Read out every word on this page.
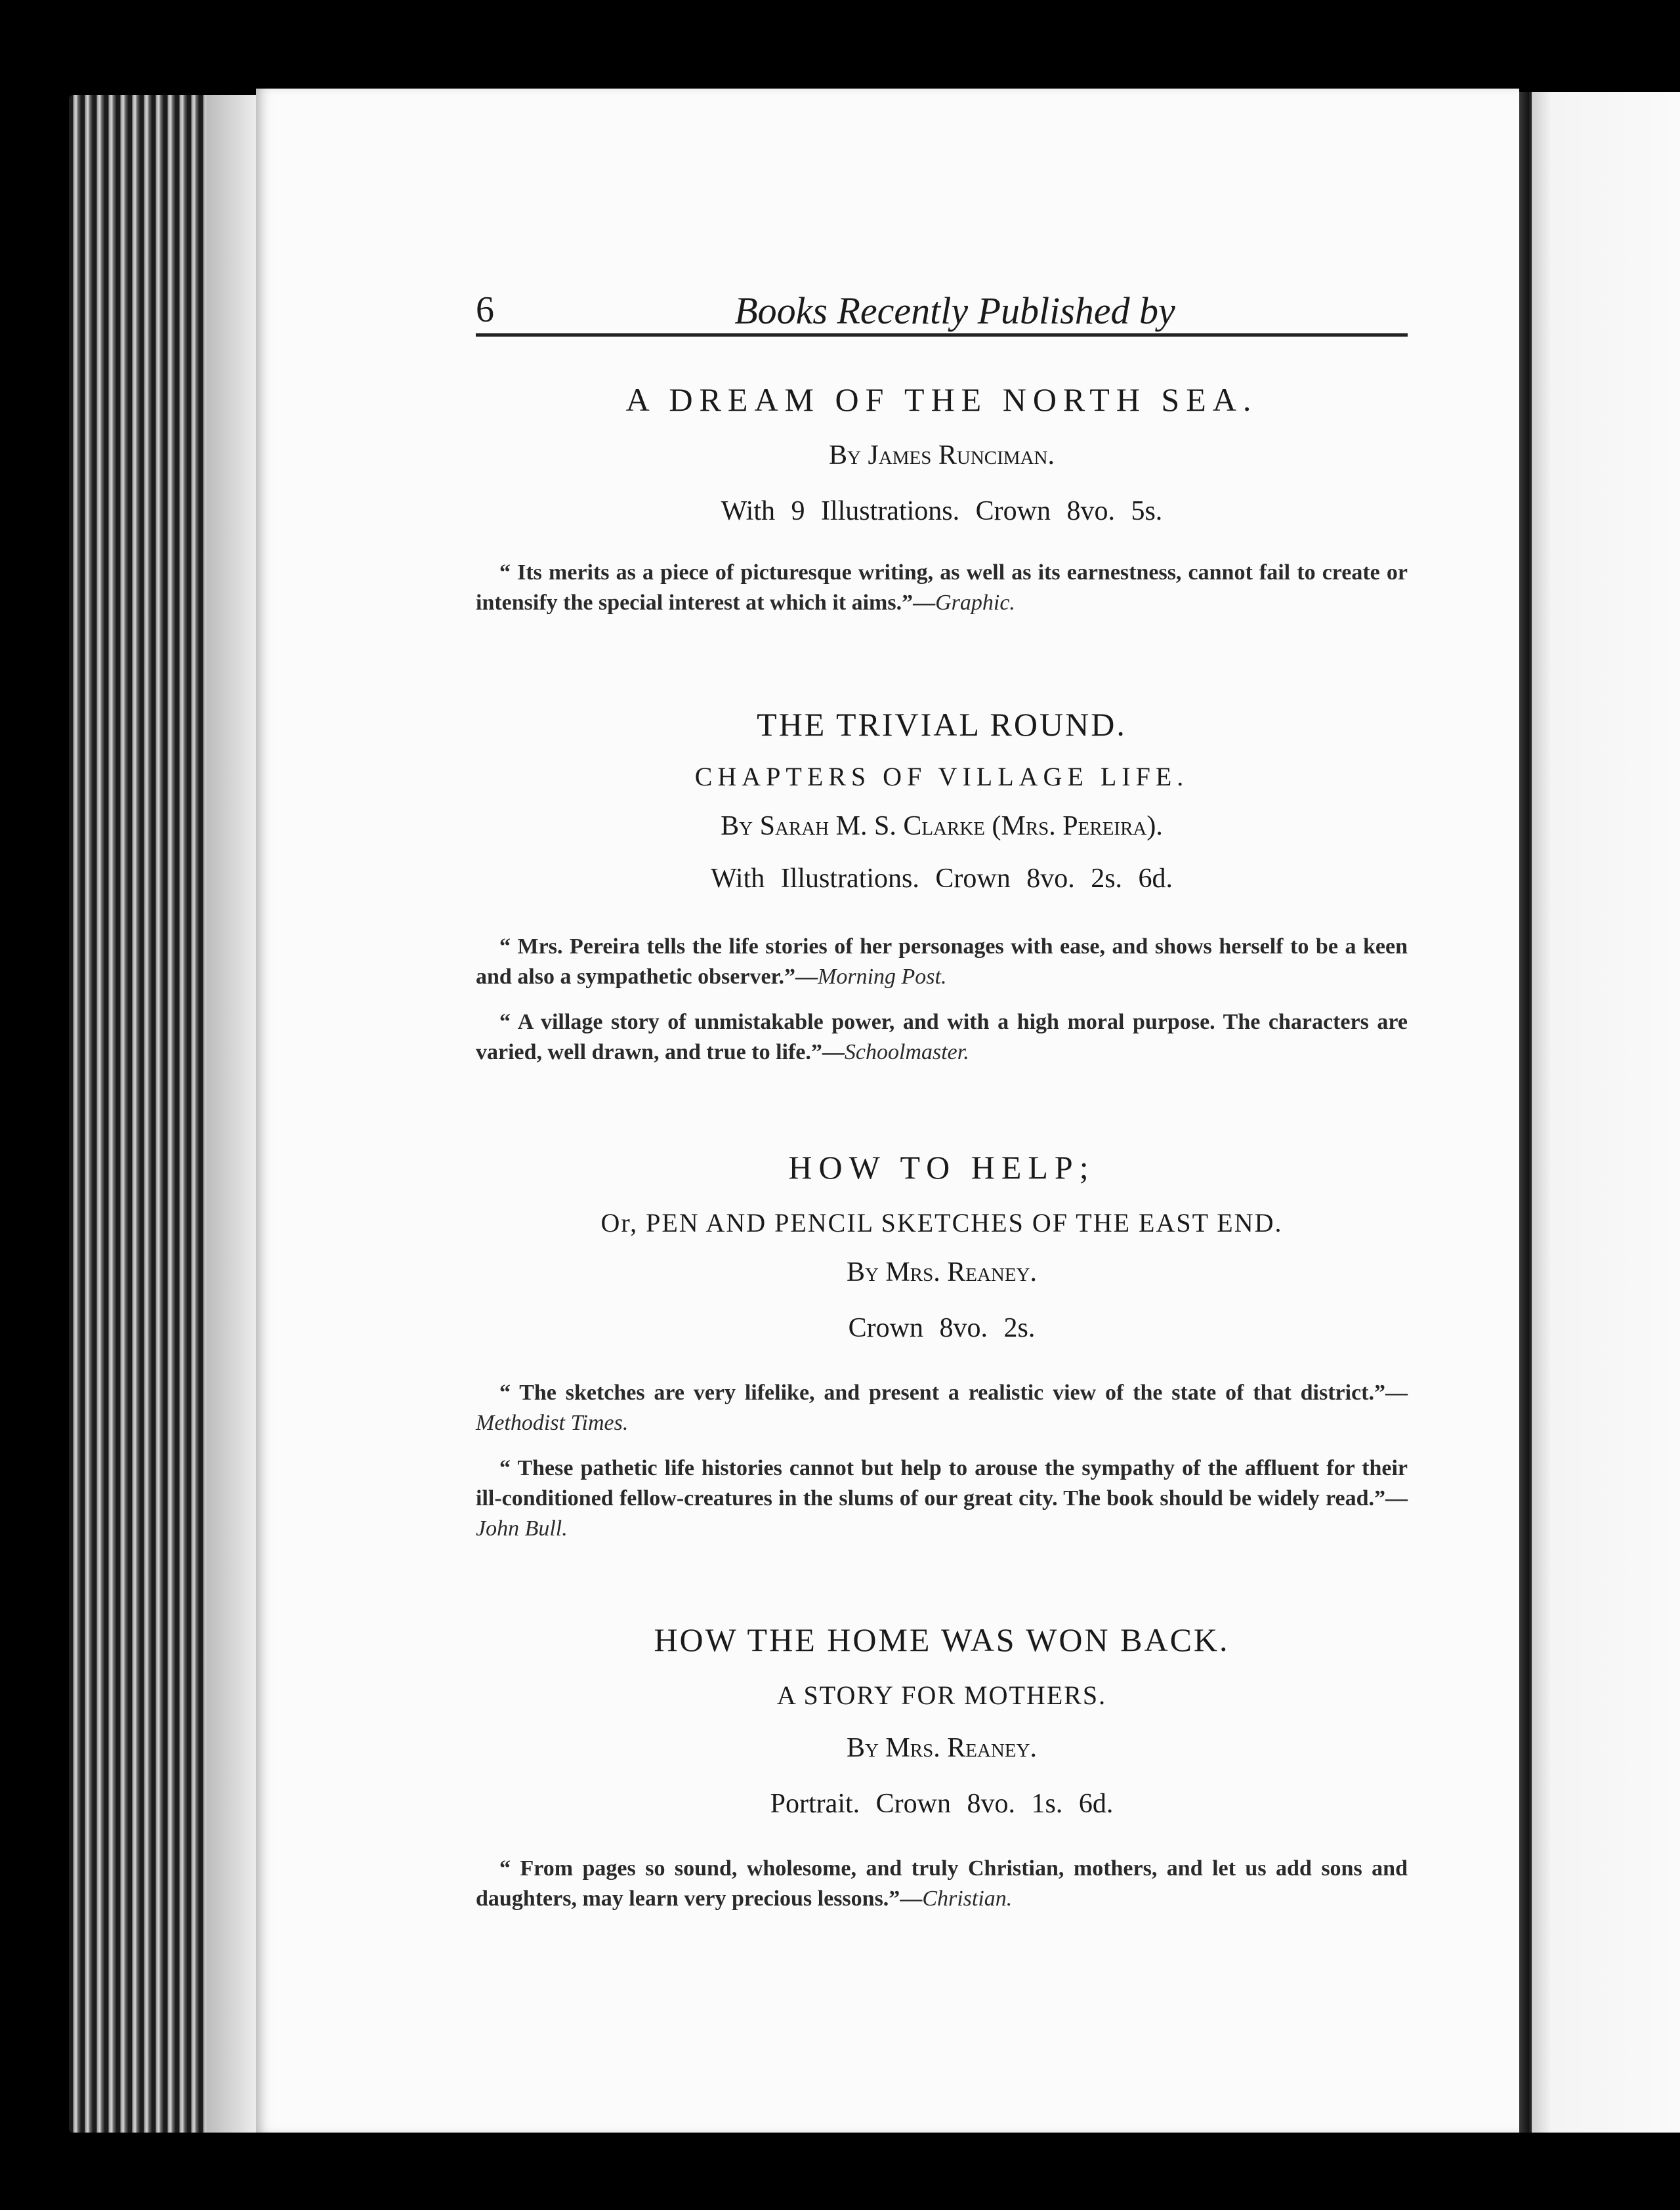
6	Books Recently Published by
A DREAM OF THE NORTH SEA.
By James Runciman.
With 9 Illustrations. Crown 8vo. 5s.

“ Its merits as a piece of picturesque writing, as well as its earnestness, cannot fail to create or intensify the special interest at which it aims.”—Graphic.

THE TRIVIAL ROUND.
CHAPTERS OF VILLAGE LIFE.
By Sarah M. S. Clarke (Mrs. Pereira).
With Illustrations. Crown 8vo. 2s. 6d.

“ Mrs. Pereira tells the life stories of her personages with ease, and shows herself to be a keen and also a sympathetic observer.”—Morning Post.

“ A village story of unmistakable power, and with a high moral purpose. The characters are varied, well drawn, and true to life.”—Schoolmaster.

HOW TO HELP;
Or, PEN AND PENCIL SKETCHES OF THE EAST END.
By Mrs. Reaney.
Crown 8vo. 2s.

“ The sketches are very lifelike, and present a realistic view of the state of that district.”—Methodist Times.

“ These pathetic life histories cannot but help to arouse the sympathy of the affluent for their ill-conditioned fellow-creatures in the slums of our great city. The book should be widely read.”—John Bull.

HOW THE HOME WAS WON BACK.
A STORY FOR MOTHERS.
By Mrs. Reaney.
Portrait. Crown 8vo. 1s. 6d.

“ From pages so sound, wholesome, and truly Christian, mothers, and let us add sons and daughters, may learn very precious lessons.”—Christian.
